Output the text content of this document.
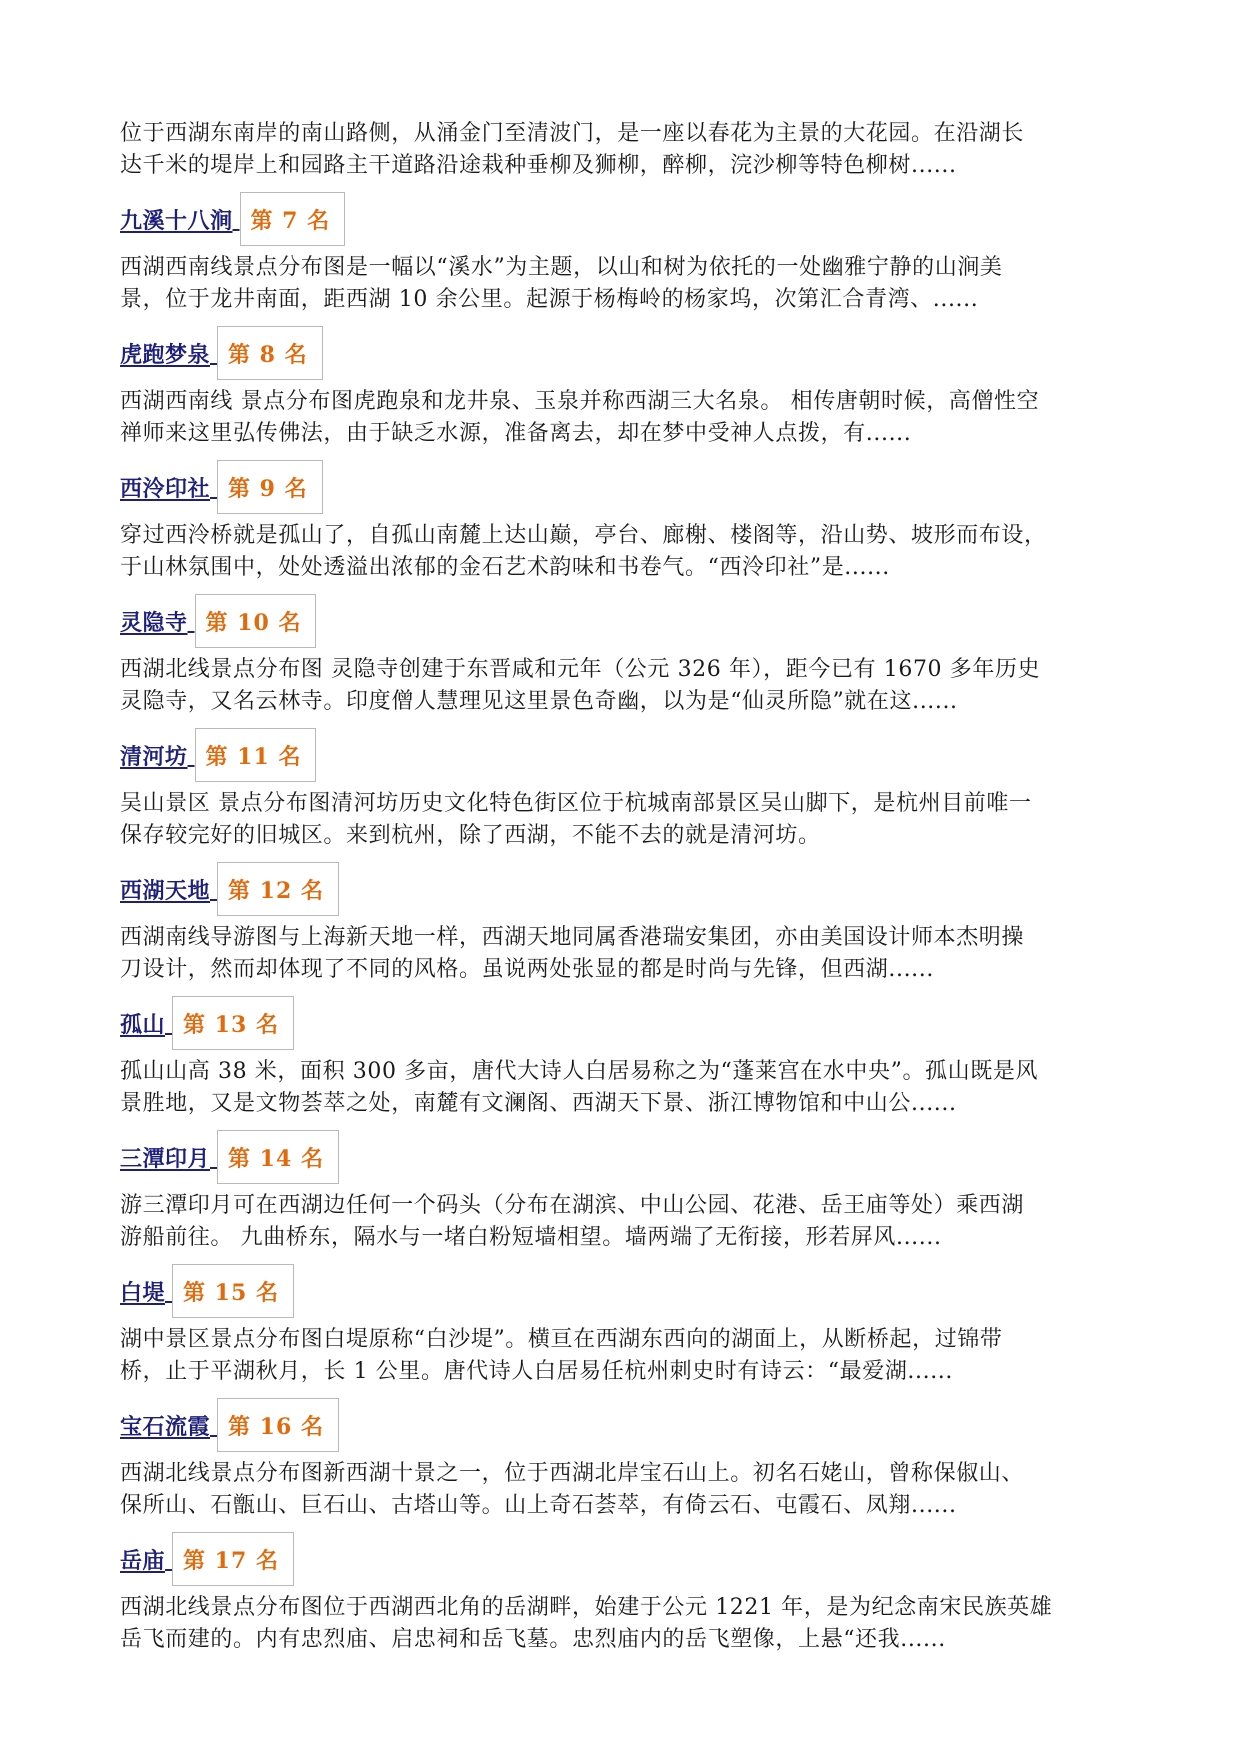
位于西湖东南岸的南山路侧，从涌金门至清波门，是一座以春花为主景的大花园。在沿湖长
达千米的堤岸上和园路主干道路沿途栽种垂柳及狮柳，醉柳，浣沙柳等特色柳树......

九溪十八涧
第 7 名

西湖西南线景点分布图是一幅以“溪水”为主题，以山和树为依托的一处幽雅宁静的山涧美
景，位于龙井南面，距西湖 10 余公里。起源于杨梅岭的杨家坞，次第汇合青湾、......

虎跑梦泉
第 8 名

西湖西南线 景点分布图虎跑泉和龙井泉、玉泉并称西湖三大名泉。 相传唐朝时候，高僧性空
禅师来这里弘传佛法，由于缺乏水源，准备离去，却在梦中受神人点拨，有......

西泠印社
第 9 名

穿过西泠桥就是孤山了，自孤山南麓上达山巅，亭台、廊榭、楼阁等，沿山势、坡形而布设，
于山林氛围中，处处透溢出浓郁的金石艺术韵味和书卷气。“西泠印社”是......

灵隐寺
第 10 名

西湖北线景点分布图 灵隐寺创建于东晋咸和元年（公元 326 年），距今已有 1670 多年历史
灵隐寺，又名云林寺。印度僧人慧理见这里景色奇幽，以为是“仙灵所隐”就在这......

清河坊
第 11 名

吴山景区 景点分布图清河坊历史文化特色街区位于杭城南部景区吴山脚下，是杭州目前唯一
保存较完好的旧城区。来到杭州，除了西湖，不能不去的就是清河坊。

西湖天地
第 12 名

西湖南线导游图与上海新天地一样，西湖天地同属香港瑞安集团，亦由美国设计师本杰明操
刀设计，然而却体现了不同的风格。虽说两处张显的都是时尚与先锋，但西湖......

孤山
第 13 名

孤山山高 38 米，面积 300 多亩，唐代大诗人白居易称之为“蓬莱宫在水中央”。孤山既是风
景胜地，又是文物荟萃之处，南麓有文澜阁、西湖天下景、浙江博物馆和中山公......

三潭印月
第 14 名

游三潭印月可在西湖边任何一个码头（分布在湖滨、中山公园、花港、岳王庙等处）乘西湖
游船前往。 九曲桥东，隔水与一堵白粉短墙相望。墙两端了无衔接，形若屏风......

白堤
第 15 名

湖中景区景点分布图白堤原称“白沙堤”。横亘在西湖东西向的湖面上，从断桥起，过锦带
桥，止于平湖秋月，长 1 公里。唐代诗人白居易任杭州刺史时有诗云：“最爱湖......

宝石流霞
第 16 名

西湖北线景点分布图新西湖十景之一，位于西湖北岸宝石山上。初名石姥山，曾称保俶山、
保所山、石甑山、巨石山、古塔山等。山上奇石荟萃，有倚云石、屯霞石、凤翔......

岳庙
第 17 名

西湖北线景点分布图位于西湖西北角的岳湖畔，始建于公元 1221 年，是为纪念南宋民族英雄
岳飞而建的。内有忠烈庙、启忠祠和岳飞墓。忠烈庙内的岳飞塑像，上悬“还我......
